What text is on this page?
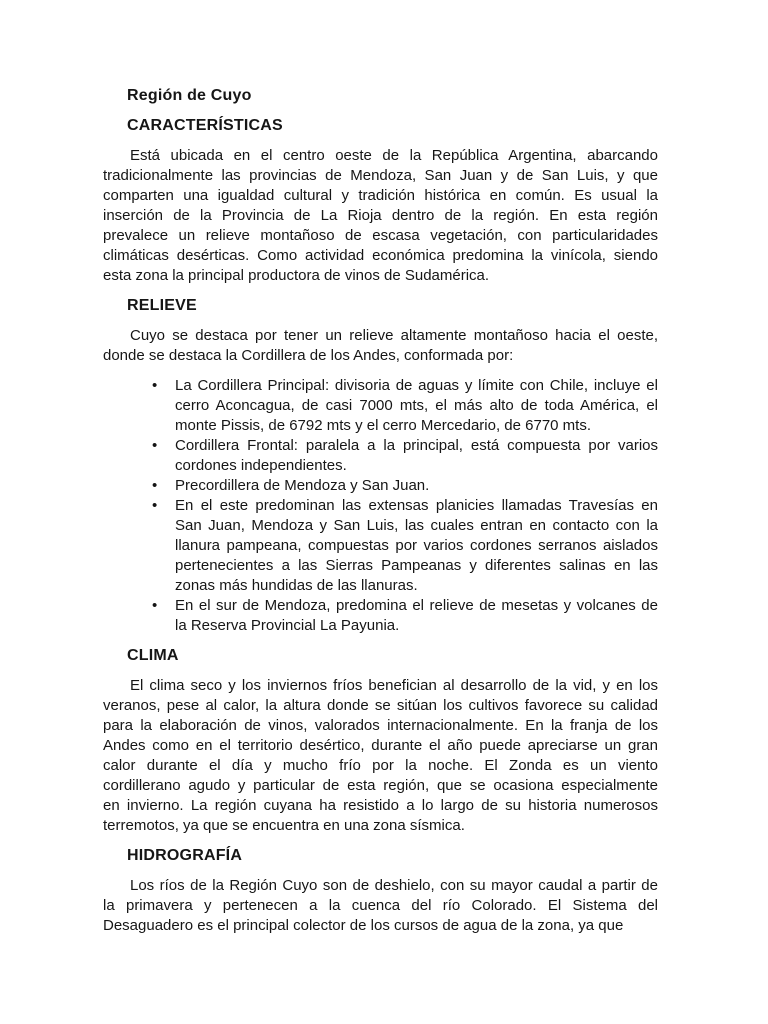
Región de Cuyo
CARACTERÍSTICAS
Está ubicada en el centro oeste de la República Argentina, abarcando
tradicionalmente las provincias de Mendoza, San Juan y de San Luis, y que
comparten una igualdad cultural y tradición histórica en común. Es usual la
inserción de la Provincia de La Rioja dentro de la región. En esta región
prevalece un relieve montañoso de escasa vegetación, con particularidades
climáticas desérticas. Como actividad económica predomina la vinícola, siendo
esta zona la principal productora de vinos de Sudamérica.
RELIEVE
Cuyo se destaca por tener un relieve altamente montañoso hacia el oeste,
donde se destaca la Cordillera de los Andes, conformada por:
•	La Cordillera Principal: divisoria de aguas y límite con Chile, incluye el
cerro Aconcagua, de casi 7000 mts, el más alto de toda América, el
monte Pissis, de 6792 mts y el cerro Mercedario, de 6770 mts.
•	Cordillera Frontal: paralela a la principal, está compuesta por varios
cordones independientes.
•	Precordillera de Mendoza y San Juan.
•	En el este predominan las extensas planicies llamadas Travesías en
San Juan, Mendoza y San Luis, las cuales entran en contacto con la
llanura pampeana, compuestas por varios cordones serranos aislados
pertenecientes a las Sierras Pampeanas y diferentes salinas en las
zonas más hundidas de las llanuras.
•	En el sur de Mendoza, predomina el relieve de mesetas y volcanes de
la Reserva Provincial La Payunia.
CLIMA
El clima seco y los inviernos fríos benefician al desarrollo de la vid, y en los
veranos, pese al calor, la altura donde se sitúan los cultivos favorece su calidad
para la elaboración de vinos, valorados internacionalmente. En la franja de los
Andes como en el territorio desértico, durante el año puede apreciarse un gran
calor durante el día y mucho frío por la noche. El Zonda es un viento
cordillerano agudo y particular de esta región, que se ocasiona especialmente
en invierno. La región cuyana ha resistido a lo largo de su historia numerosos
terremotos, ya que se encuentra en una zona sísmica.
HIDROGRAFÍA
Los ríos de la Región Cuyo son de deshielo, con su mayor caudal a partir de
la primavera y pertenecen a la cuenca del río Colorado. El Sistema del
Desaguadero es el principal colector de los cursos de agua de la zona, ya que
